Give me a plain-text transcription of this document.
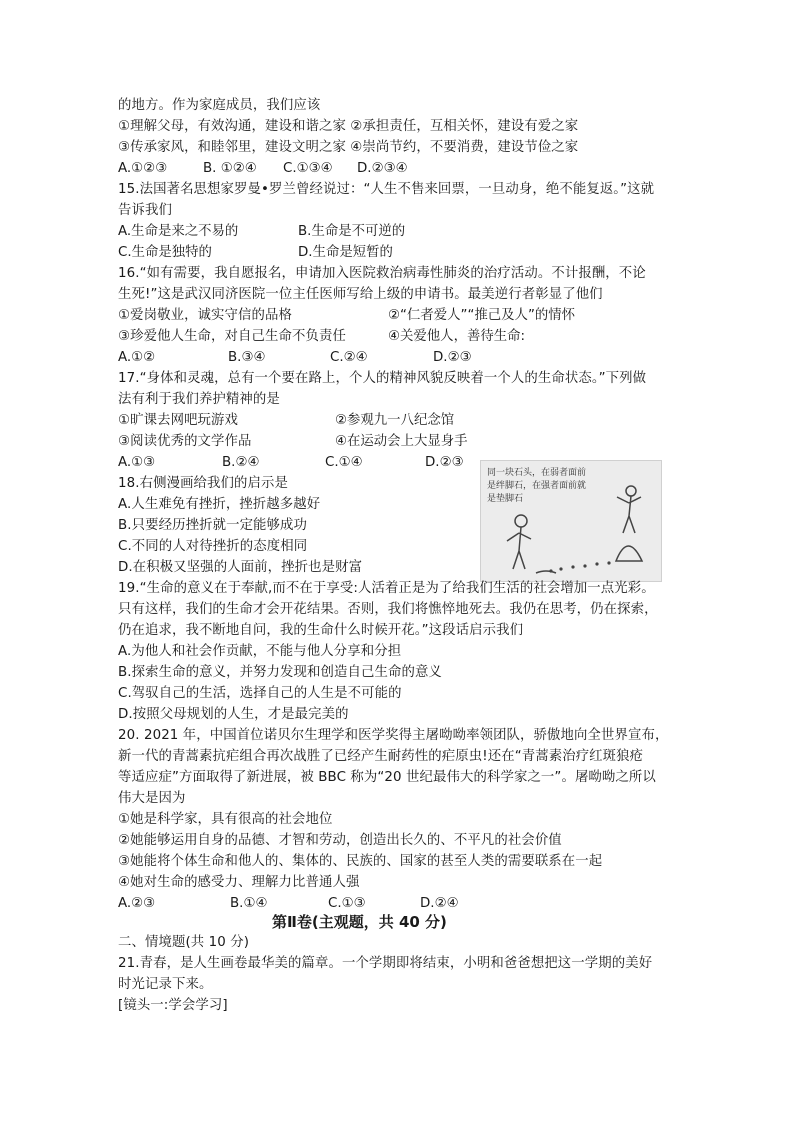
的地方。作为家庭成员，我们应该
①理解父母，有效沟通，建设和谐之家 ②承担责任，互相关怀，建设有爱之家
③传承家风，和睦邻里，建设文明之家 ④崇尚节约，不要消费，建设节俭之家
A.①②③	B. ①②④ C.①③④ D.②③④
15.法国著名思想家罗曼•罗兰曾经说过：“人生不售来回票，一旦动身，绝不能复返。”这就
告诉我们
A.生命是来之不易的	B.生命是不可逆的
C.生命是独特的	D.生命是短暂的
16.“如有需要，我自愿报名，申请加入医院救治病毒性肺炎的治疗活动。不计报酬，不论
生死!”这是武汉同济医院一位主任医师写给上级的申请书。最美逆行者彰显了他们
①爱岗敬业，诚实守信的品格	②“仁者爱人”“推己及人”的情怀
③珍爱他人生命，对自己生命不负责任	④关爱他人，善待生命:
A.①②	B.③④	C.②④	D.②③
17.“身体和灵魂，总有一个要在路上，个人的精神风貌反映着一个人的生命状态。”下列做
法有利于我们养护精神的是
①旷课去网吧玩游戏	②参观九一八纪念馆
③阅读优秀的文学作品	④在运动会上大显身手
A.①③	B.②④	C.①④	D.②③
18.右侧漫画给我们的启示是
A.人生难免有挫折，挫折越多越好
B.只要经历挫折就一定能够成功
C.不同的人对待挫折的态度相同
D.在积极又坚强的人面前，挫折也是财富
同一块石头，在弱者面前是绊脚石，在强者面前就是垫脚石
19.“生命的意义在于奉献,而不在于享受:人活着正是为了给我们生活的社会增加一点光彩。
只有这样，我们的生命才会开花结果。否则，我们将憔悴地死去。我仍在思考，仍在探索，
仍在追求，我不断地自问，我的生命什么时候开花。”这段话启示我们
A.为他人和社会作贡献，不能与他人分享和分担
B.探索生命的意义，并努力发现和创造自己生命的意义
C.驾驭自己的生活，选择自己的人生是不可能的
D.按照父母规划的人生，才是最完美的
20. 2021 年，中国首位诺贝尔生理学和医学奖得主屠呦呦率领团队，骄傲地向全世界宣布，
新一代的青蒿素抗疟组合再次战胜了已经产生耐药性的疟原虫!还在“青蒿素治疗红斑狼疮
等适应症”方面取得了新进展，被 BBC 称为“20 世纪最伟大的科学家之一”。屠呦呦之所以
伟大是因为
①她是科学家，具有很高的社会地位
②她能够运用自身的品德、才智和劳动，创造出长久的、不平凡的社会价值
③她能将个体生命和他人的、集体的、民族的、国家的甚至人类的需要联系在一起
④她对生命的感受力、理解力比普通人强
A.②③	B.①④	C.①③	D.②④
第Ⅱ卷(主观题，共 40 分)
二、情境题(共 10 分)
21.青春，是人生画卷最华美的篇章。一个学期即将结束，小明和爸爸想把这一学期的美好
时光记录下来。
[镜头一:学会学习]
